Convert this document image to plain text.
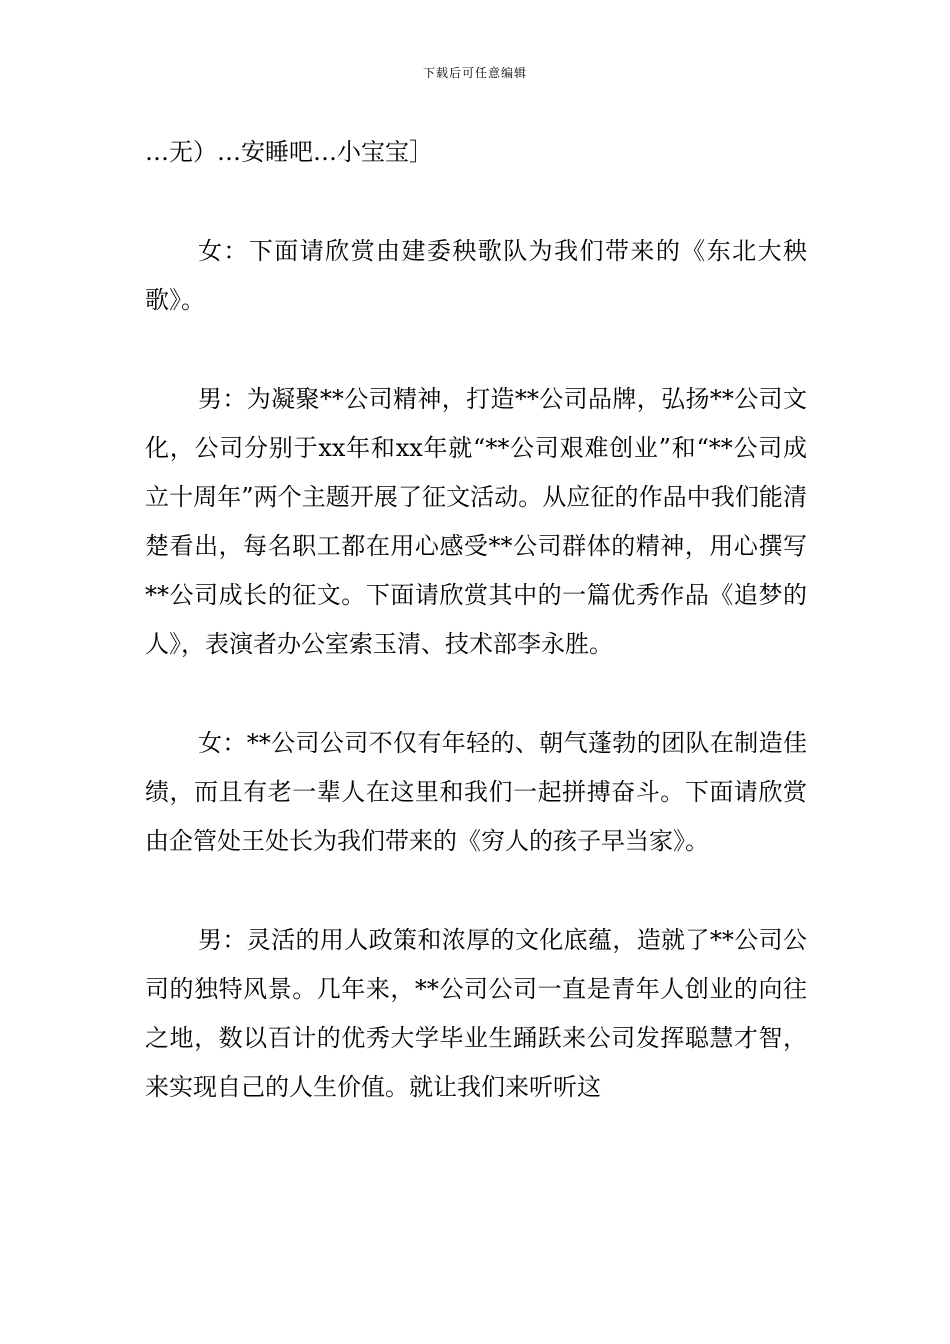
下载后可任意编辑

…无）…安睡吧…小宝宝］

女：下面请欣赏由建委秧歌队为我们带来的《东北大秧歌》。

男：为凝聚**公司精神，打造**公司品牌，弘扬**公司文化，公司分别于xx年和xx年就“**公司艰难创业”和“**公司成立十周年”两个主题开展了征文活动。从应征的作品中我们能清楚看出，每名职工都在用心感受**公司群体的精神，用心撰写**公司成长的征文。下面请欣赏其中的一篇优秀作品《追梦的人》，表演者办公室索玉清、技术部李永胜。

女：**公司公司不仅有年轻的、朝气蓬勃的团队在制造佳绩，而且有老一辈人在这里和我们一起拼搏奋斗。下面请欣赏由企管处王处长为我们带来的《穷人的孩子早当家》。

男：灵活的用人政策和浓厚的文化底蕴，造就了**公司公司的独特风景。几年来，**公司公司一直是青年人创业的向往之地，数以百计的优秀大学毕业生踊跃来公司发挥聪慧才智，来实现自己的人生价值。就让我们来听听这
